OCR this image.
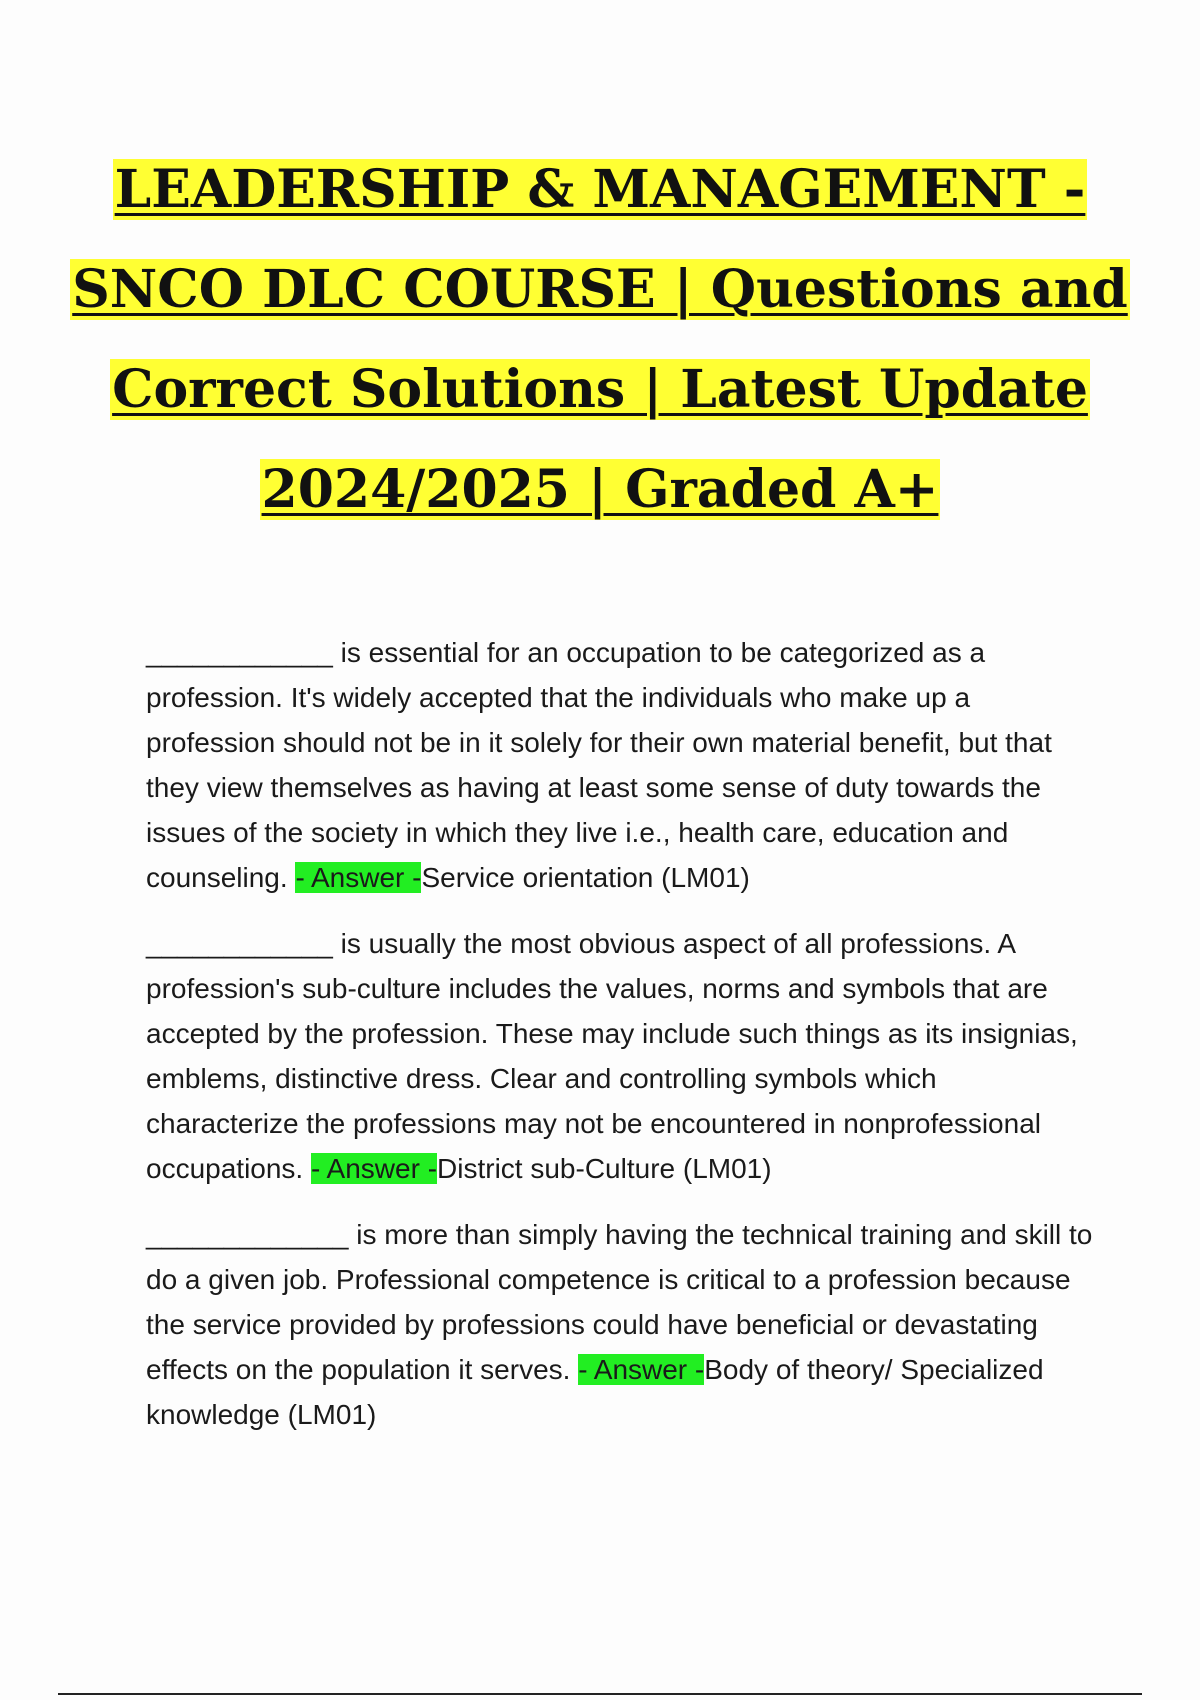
LEADERSHIP & MANAGEMENT -
SNCO DLC COURSE | Questions and
Correct Solutions | Latest Update
2024/2025 | Graded A+

____________ is essential for an occupation to be categorized as a profession. It's widely accepted that the individuals who make up a profession should not be in it solely for their own material benefit, but that they view themselves as having at least some sense of duty towards the issues of the society in which they live i.e., health care, education and counseling. - Answer -Service orientation (LM01)

____________ is usually the most obvious aspect of all professions. A profession's sub-culture includes the values, norms and symbols that are accepted by the profession. These may include such things as its insignias, emblems, distinctive dress. Clear and controlling symbols which characterize the professions may not be encountered in nonprofessional occupations. - Answer -District sub-Culture (LM01)

_____________ is more than simply having the technical training and skill to do a given job. Professional competence is critical to a profession because the service provided by professions could have beneficial or devastating effects on the population it serves. - Answer -Body of theory/ Specialized knowledge (LM01)
